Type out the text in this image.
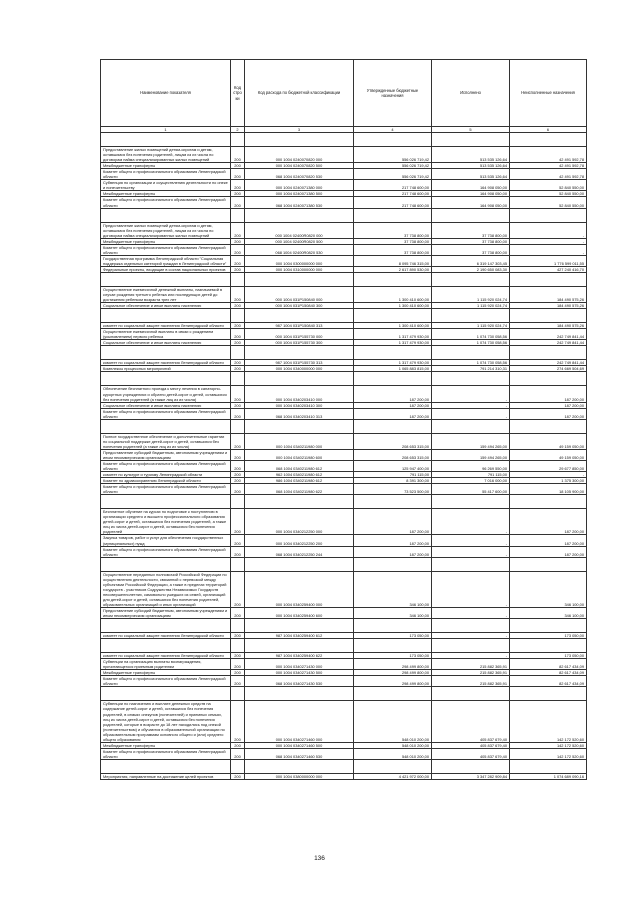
Наименование показателя	Код строки	Код расхода по бюджетной классификации	Утвержденные бюджетные назначения	Исполнено	Неисполненные назначения
1	2	3	4	5	6

Предоставление жилых помещений детям-сиротам и детям, оставшимся без попечения родителей, лицам из их числа по договорам найма специализированных жилых помещений	200	000 1004 0240070820 000	556 026 719,42	513 535 126,64	42 491 592,78
Межбюджетные трансферты	200	000 1004 0240070820 500	556 026 719,42	513 535 126,64	42 491 592,78
Комитет общего и профессионального образования Ленинградской области	200	068 1004 0240070820 530	556 026 719,42	513 535 126,64	42 491 592,78
Субвенция по организации и осуществлению деятельности по опеке и попечительству	200	000 1004 0240071380 000	217 748 600,00	164 908 050,00	52 840 550,00
Межбюджетные трансферты	200	000 1004 0240071380 500	217 748 600,00	164 908 050,00	52 840 550,00
Комитет общего и профессионального образования Ленинградской области	200	068 1004 0240071380 530	217 748 600,00	164 908 050,00	52 840 550,00

Предоставление жилых помещений детям-сиротам и детям, оставшимся без попечения родителей, лицам из их числа по договорам найма специализированных жилых помещений	200	000 1004 02400R0820 000	37 738 800,00	37 738 800,00	-
Межбюджетные трансферты	200	000 1004 02400R0820 500	37 738 800,00	37 738 800,00	-
Комитет общего и профессионального образования Ленинградской области	200	068 1004 02400R0820 530	37 738 800,00	37 738 800,00	-
Государственная программа Ленинградской области "Социальная поддержка отдельных категорий граждан в Ленинградской области"	200	000 1004 0300000000 000	8 095 746 315,00	6 319 147 303,45	1 776 599 011,55
Федеральные проекты, входящие в состав национальных проектов	200	000 1004 0310000000 000	2 617 890 530,00	2 190 650 083,30	427 240 416,70

Осуществление ежемесячной денежной выплаты, назначаемой в случае рождения третьего ребенка или последующих детей до достижения ребенком возраста трех лет	200	000 1004 031P150840 000	1 300 410 600,00	1 115 920 024,74	184 490 575,26
Социальное обеспечение и иные выплаты населению	200	000 1004 031P150840 300	1 300 410 600,00	1 115 920 024,74	184 490 575,26

комитет по социальной защите населения Ленинградской области	200	987 1004 031P150840 313	1 300 410 600,00	1 115 920 024,74	184 490 575,26
Осуществление ежемесячной выплаты в связи с рождением (усыновлением) первого ребенка	200	000 1004 031P155730 000	1 317 479 930,00	1 074 730 058,56	242 749 841,44
Социальное обеспечение и иные выплаты населению	200	000 1004 031P155730 300	1 317 479 930,00	1 074 730 058,56	242 749 841,44

комитет по социальной защите населения Ленинградской области	200	987 1004 031P155730 313	1 317 479 930,00	1 074 730 058,56	242 749 841,44
Комплексы процессных мероприятий	200	000 1004 0340000000 000	1 065 883 815,00	791 214 310,31	274 669 504,69

Обеспечение бесплатного проезда к месту лечения в санаторно-курортных учреждениях и обратно детей-сирот и детей, оставшихся без попечения родителей (а также лиц из их числа)	200	000 1004 0340203410 000	187 200,00	-	187 200,00
Социальное обеспечение и иные выплаты населению	200	000 1004 0340203410 300	187 200,00	-	187 200,00
Комитет общего и профессионального образования Ленинградской области	200	068 1004 0340203410 313	187 200,00	-	187 200,00

Полное государственное обеспечение и дополнительные гарантии по социальной поддержке детей-сирот и детей, оставшихся без попечения родителей (а также лиц из их числа)	200	000 1004 0340211980 000	208 653 315,00	159 494 265,00	49 159 050,00
Предоставление субсидий бюджетным, автономным учреждениям и иным некоммерческим организациям	200	000 1004 0340211980 600	208 653 315,00	159 494 265,00	49 159 050,00
Комитет общего и профессионального образования Ленинградской области	200	068 1004 0340211980 612	125 947 400,00	96 269 550,00	29 677 850,00
комитет по культуре и туризму Ленинградской области	200	962 1004 0340211980 612	791 115,00	791 115,00	-
Комитет по здравоохранению Ленинградской области	200	986 1004 0340211980 612	8 391 300,00	7 016 000,00	1 375 300,00
Комитет общего и профессионального образования Ленинградской области	200	068 1004 0340211980 622	73 523 500,00	55 417 600,00	18 105 900,00

Бесплатное обучение на курсах по подготовке к поступлению в организации среднего и высшего профессионального образования детей-сирот и детей, оставшихся без попечения родителей, а также лиц из числа детей-сирот и детей, оставшихся без попечения родителей	200	000 1004 0340212250 000	187 200,00	-	187 200,00
Закупка товаров, работ и услуг для обеспечения государственных (муниципальных) нужд	200	000 1004 0340212250 200	187 200,00	-	187 200,00
Комитет общего и профессионального образования Ленинградской области	200	068 1004 0340212250 244	187 200,00	-	187 200,00

Осуществление переданных полномочий Российской Федерации по осуществлению деятельности, связанной с перевозкой между субъектами Российской Федерации, а также в пределах территорий государств - участников Содружества Независимых Государств несовершеннолетних, самовольно ушедших из семей, организаций для детей-сирот и детей, оставшихся без попечения родителей, образовательных организаций и иных организаций	200	000 1004 0340259400 000	346 100,00	-	346 100,00
Предоставление субсидий бюджетным, автономным учреждениям и иным некоммерческим организациям	200	000 1004 0340259400 600	346 100,00	-	346 100,00

комитет по социальной защите населения Ленинградской области	200	987 1004 0340259400 612	173 050,00	-	173 050,00

комитет по социальной защите населения Ленинградской области	200	987 1004 0340259400 622	173 050,00	-	173 050,00
Субвенции на организацию выплаты вознаграждения, причитающегося приемным родителям	200	000 1004 0340271430 000	298 499 800,00	215 882 365,91	82 617 434,09
Межбюджетные трансферты	200	000 1004 0340271430 500	298 499 800,00	215 882 365,91	82 617 434,09
Комитет общего и профессионального образования Ленинградской области	200	068 1004 0340271430 530	298 499 800,00	215 882 365,91	82 617 434,09

Субвенции по назначению и выплате денежных средств на содержание детей-сирот и детей, оставшихся без попечения родителей, в семьях опекунов (попечителей) и приемных семьях, лиц из числа детей-сирот и детей, оставшихся без попечения родителей, которые в возрасте до 18 лет находились под опекой (попечительством) и обучаются в образовательной организации по образовательным программам основного общего и (или) среднего общего образования	200	000 1004 0340271460 000	548 010 200,00	405 837 679,40	142 172 520,60
Межбюджетные трансферты	200	000 1004 0340271460 500	548 010 200,00	405 837 679,40	142 172 520,60
Комитет общего и профессионального образования Ленинградской области	200	068 1004 0340271460 530	548 010 200,00	405 837 679,40	142 172 520,60

Мероприятия, направленные на достижение целей проектов	200	000 1004 0380000000 000	4 421 972 000,00	3 347 282 909,84	1 074 689 090,16
136
